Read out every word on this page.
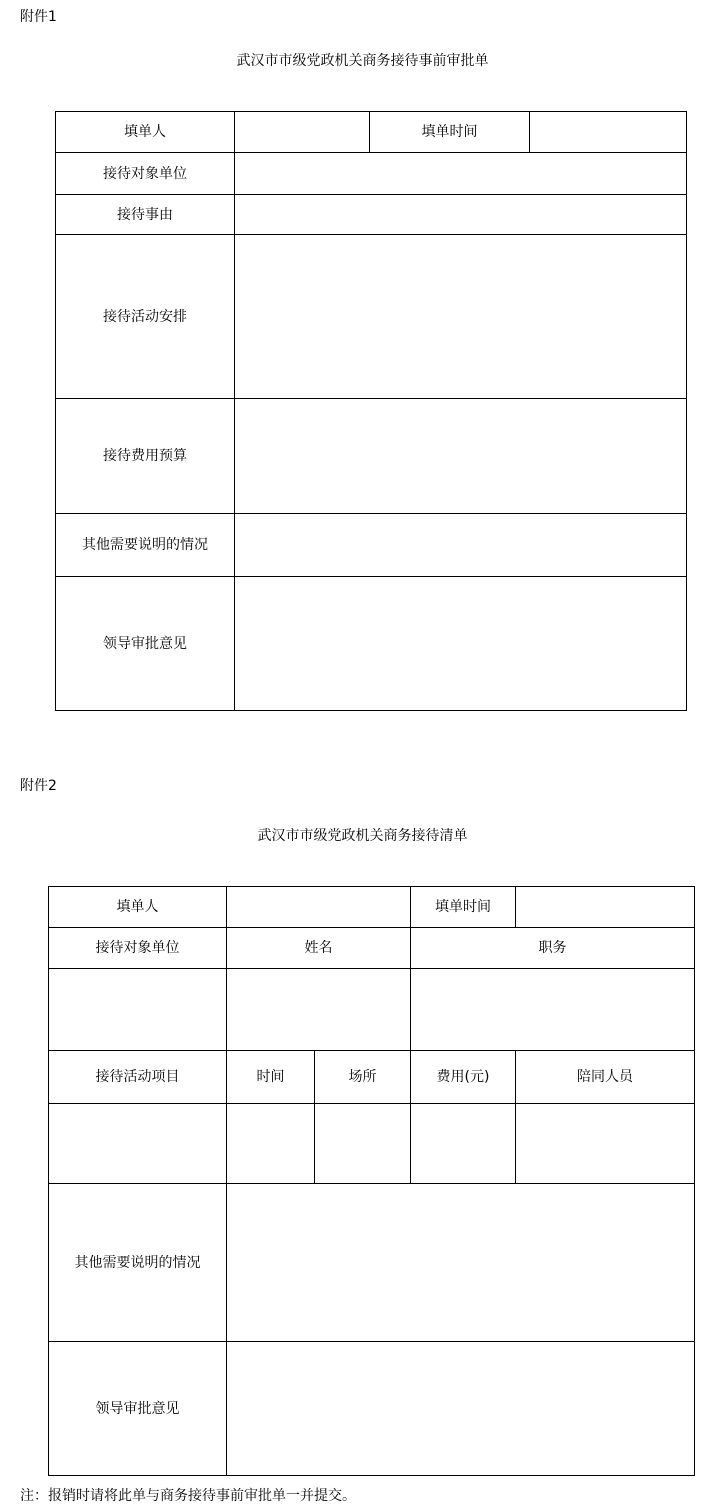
附件1
武汉市市级党政机关商务接待事前审批单
填单人		填单时间	
接待对象单位			
接待事由			
接待活动安排			
接待费用预算			
其他需要说明的情况			
领导审批意见			
附件2
武汉市市级党政机关商务接待清单
填单人			填单时间	
接待对象单位	姓名		职务	

接待活动项目	时间	场所	费用(元)	陪同人员

其他需要说明的情况				
领导审批意见				
注：报销时请将此单与商务接待事前审批单一并提交。
